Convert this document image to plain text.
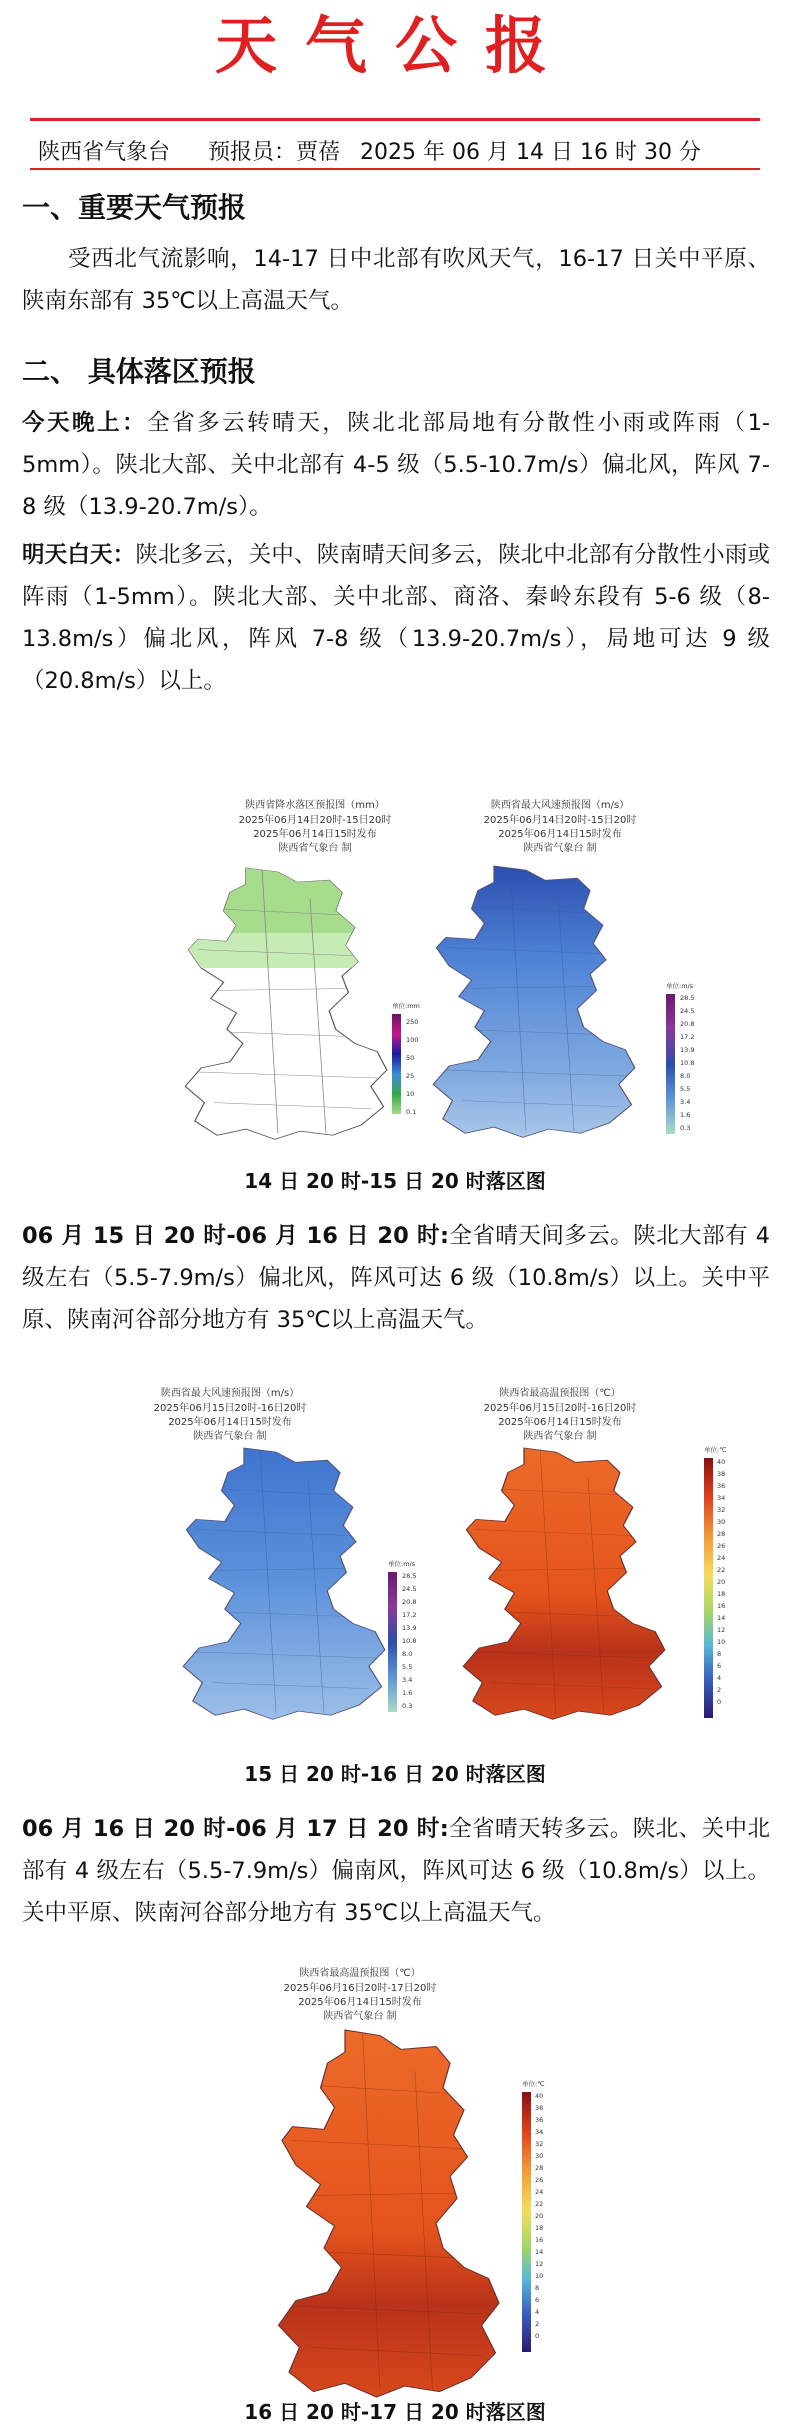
天气公报
陕西省气象台 预报员：贾蓓 2025 年 06 月 14 日 16 时 30 分
一、重要天气预报
受西北气流影响，14-17 日中北部有吹风天气，16-17 日关中平原、陕南东部有 35℃以上高温天气。
二、 具体落区预报
今天晚上：全省多云转晴天，陕北北部局地有分散性小雨或阵雨（1-5mm）。陕北大部、关中北部有 4-5 级（5.5-10.7m/s）偏北风，阵风 7-8 级（13.9-20.7m/s）。
明天白天：陕北多云，关中、陕南晴天间多云，陕北中北部有分散性小雨或阵雨（1-5mm）。陕北大部、关中北部、商洛、秦岭东段有 5-6 级（8-13.8m/s）偏北风，阵风 7-8 级（13.9-20.7m/s），局地可达 9 级（20.8m/s）以上。
陕西省降水落区预报图（mm）
2025年06月14日20时-15日20时
2025年06月14日15时发布
陕西省气象台 制
单位:mm
250
100
50
25
10
0.1
陕西省最大风速预报图（m/s）
2025年06月14日20时-15日20时
2025年06月14日15时发布
陕西省气象台 制
单位:m/s
28.5
24.5
20.8
17.2
13.9
10.8
8.0
5.5
3.4
1.6
0.3
14 日 20 时-15 日 20 时落区图
06 月 15 日 20 时-06 月 16 日 20 时:全省晴天间多云。陕北大部有 4 级左右（5.5-7.9m/s）偏北风，阵风可达 6 级（10.8m/s）以上。关中平原、陕南河谷部分地方有 35℃以上高温天气。
陕西省最大风速预报图（m/s）
2025年06月15日20时-16日20时
2025年06月14日15时发布
陕西省气象台 制
单位:m/s
28.5
24.5
20.8
17.2
13.9
10.8
8.0
5.5
3.4
1.6
0.3
陕西省最高温预报图（℃）
2025年06月15日20时-16日20时
2025年06月14日15时发布
陕西省气象台 制
单位:℃
40
38
36
34
32
30
28
26
24
22
20
18
16
14
12
10
8
6
4
2
0
15 日 20 时-16 日 20 时落区图
06 月 16 日 20 时-06 月 17 日 20 时:全省晴天转多云。陕北、关中北部有 4 级左右（5.5-7.9m/s）偏南风，阵风可达 6 级（10.8m/s）以上。关中平原、陕南河谷部分地方有 35℃以上高温天气。
陕西省最高温预报图（℃）
2025年06月16日20时-17日20时
2025年06月14日15时发布
陕西省气象台 制
单位:℃
40
38
36
34
32
30
28
26
24
22
20
18
16
14
12
10
8
6
4
2
0
16 日 20 时-17 日 20 时落区图
